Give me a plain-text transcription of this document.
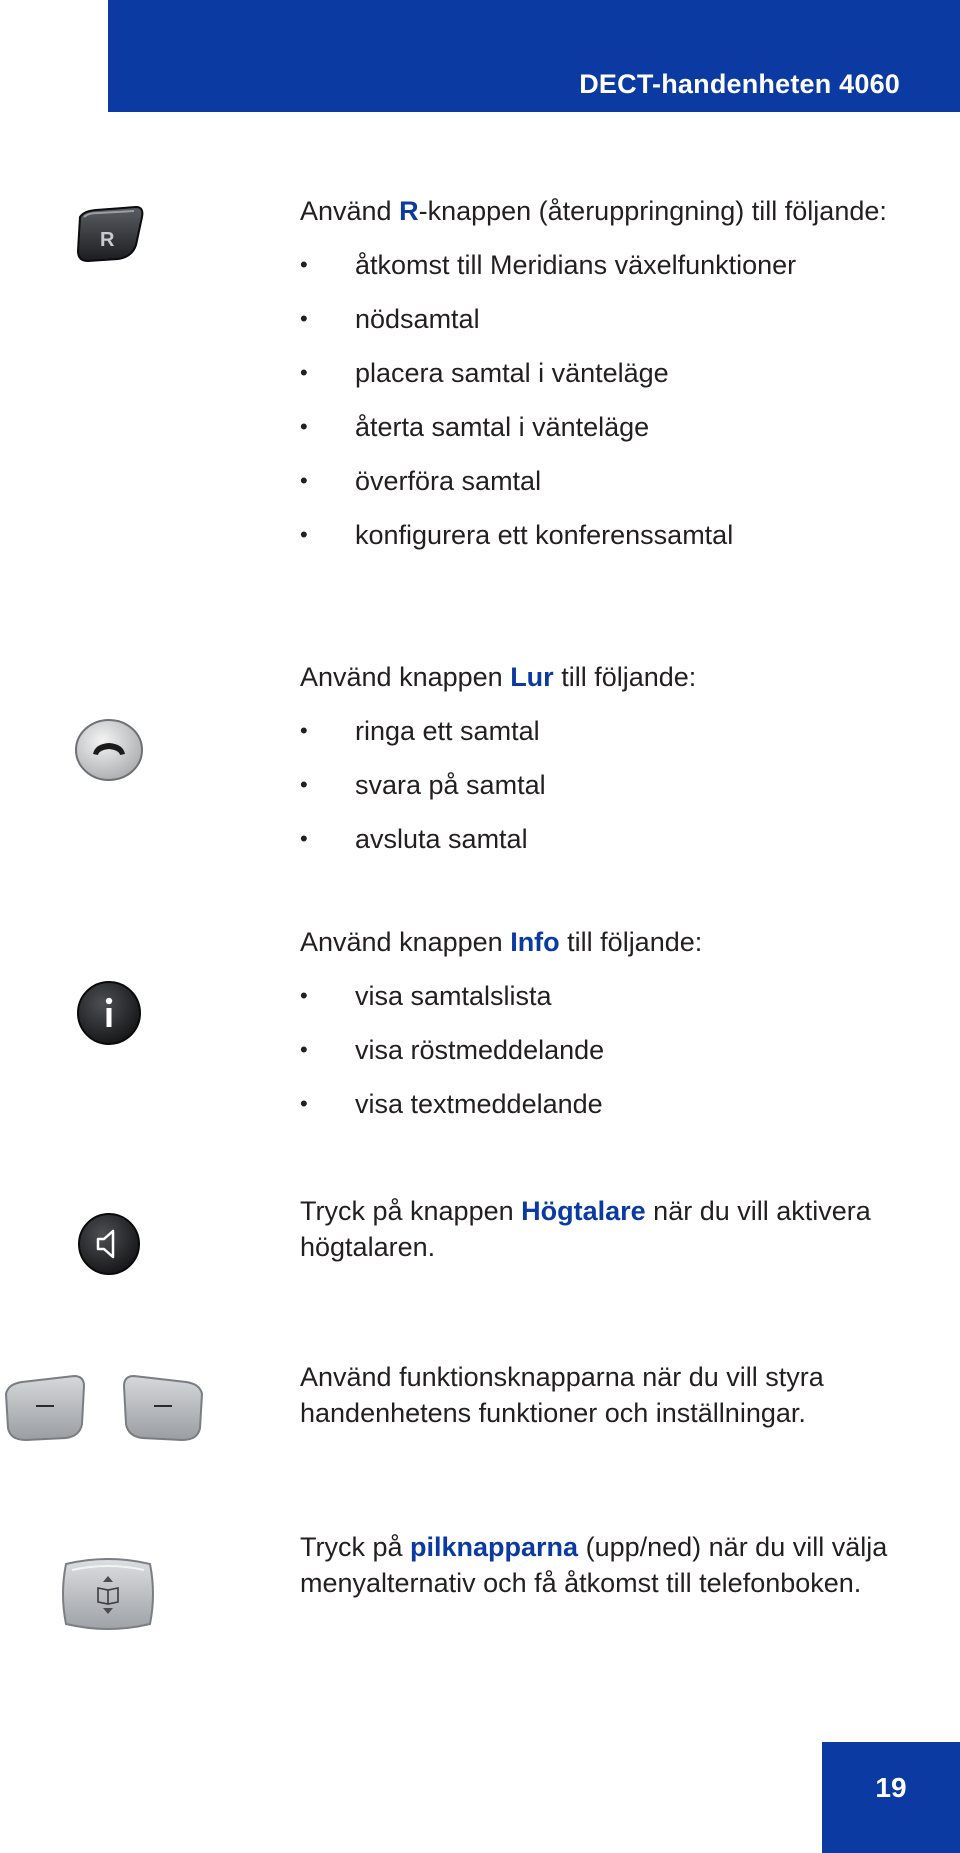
DECT-handenheten 4060
R
Använd R-knappen (återuppringning) till följande:
• åtkomst till Meridians växelfunktioner
• nödsamtal
• placera samtal i vänteläge
• återta samtal i vänteläge
• överföra samtal
• konfigurera ett konferenssamtal
Använd knappen Lur till följande:
• ringa ett samtal
• svara på samtal
• avsluta samtal
Använd knappen Info till följande:
• visa samtalslista
• visa röstmeddelande
• visa textmeddelande
Tryck på knappen Högtalare när du vill aktivera högtalaren.
Använd funktionsknapparna när du vill styra handenhetens funktioner och inställningar.
Tryck på pilknapparna (upp/ned) när du vill välja menyalternativ och få åtkomst till telefonboken.
19
